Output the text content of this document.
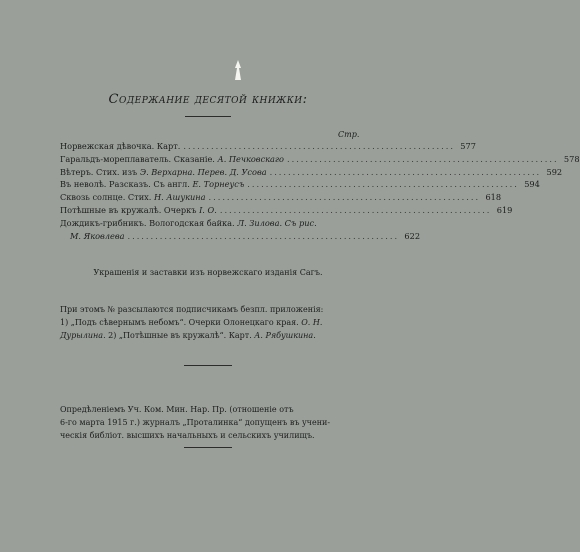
Содержание десятой книжки:
Стр.
Норвежская дѣвочка. Карт. ........................................................... 577
Гаральдъ-мореплаватель. Сказаніе. А. Печковскаго ........................................................... 578
Вѣтеръ. Стих. изъ Э. Верхарна. Перев. Д. Усова ........................................................... 592
Въ неволѣ. Разсказъ. Съ англ. Е. Торнеусъ ........................................................... 594
Сквозь солнце. Стих. Н. Ашукина ........................................................... 618
Потѣшные въ кружалѣ. Очеркъ І. О. ........................................................... 619
Дождикъ-грибникъ. Вологодская байка. Л. Зилова. Съ рис.
М. Яковлева ........................................................... 622
Украшенія и заставки изъ норвежскаго изданія Сагъ.
При этомъ № разсылаются подписчикамъ безпл. приложенія:
1) „Подъ сѣвернымъ небомъ“. Очерки Олонецкаго края. О. Н.
Дурылина. 2) „Потѣшные въ кружалѣ“. Карт. А. Рябушкина.
Опредѣленіемъ Уч. Ком. Мин. Нар. Пр. (отношеніе отъ
6-го марта 1915 г.) журналъ „Проталинка“ допущенъ въ учени-
ческія библіот. высшихъ начальныхъ и сельскихъ училищъ.
